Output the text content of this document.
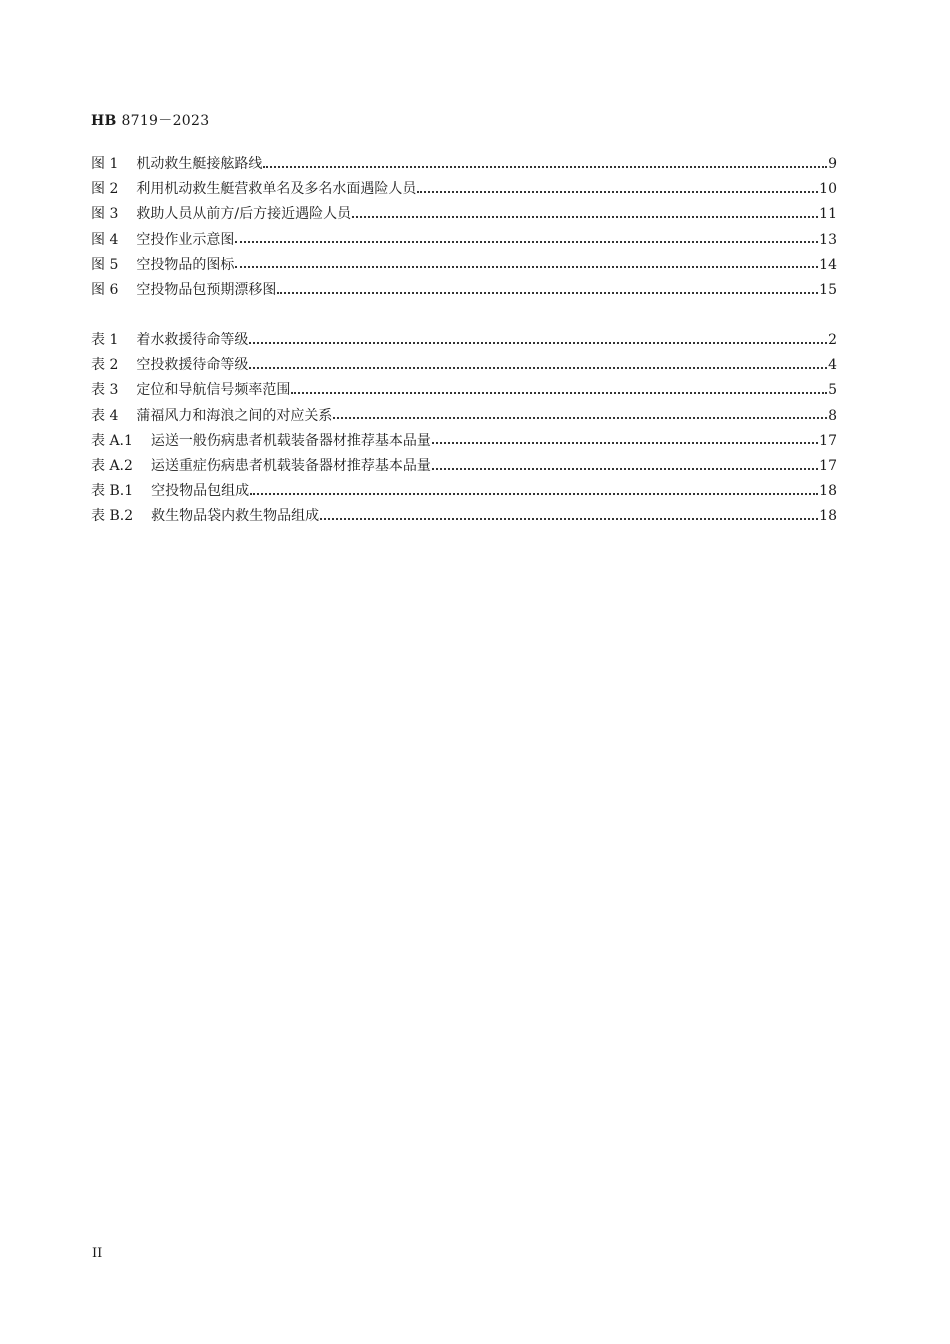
HB 8719－2023
图 1 机动救生艇接舷路线	9
图 2 利用机动救生艇营救单名及多名水面遇险人员	10
图 3 救助人员从前方/后方接近遇险人员	11
图 4 空投作业示意图	13
图 5 空投物品的图标	14
图 6 空投物品包预期漂移图	15
表 1 着水救援待命等级	2
表 2 空投救援待命等级	4
表 3 定位和导航信号频率范围	5
表 4 蒲福风力和海浪之间的对应关系	8
表 A.1 运送一般伤病患者机载装备器材推荐基本品量	17
表 A.2 运送重症伤病患者机载装备器材推荐基本品量	17
表 B.1 空投物品包组成	18
表 B.2 救生物品袋内救生物品组成	18
II
